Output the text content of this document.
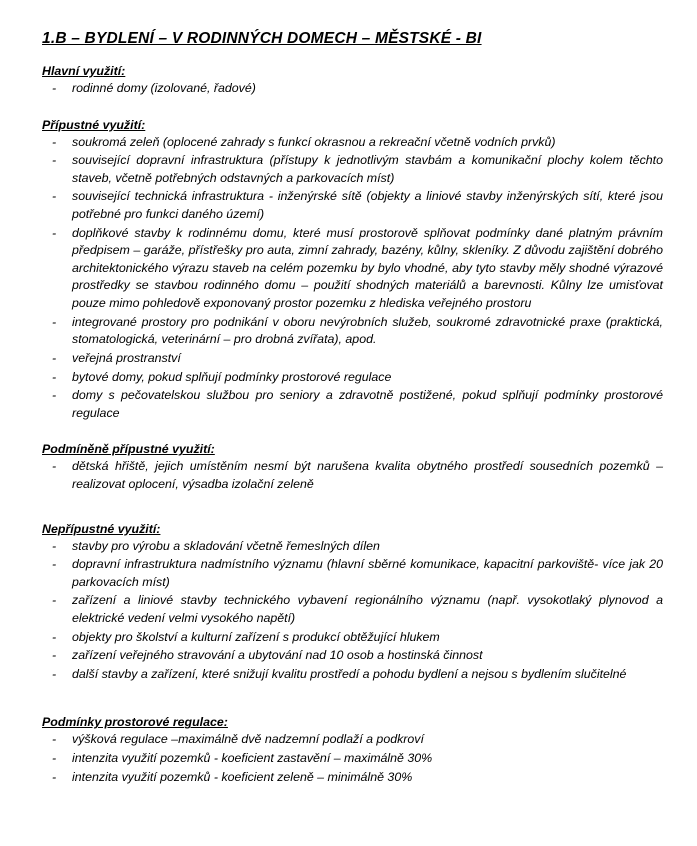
1.B – BYDLENÍ – V RODINNÝCH DOMECH – MĚSTSKÉ - BI
Hlavní využití:
- rodinné domy (izolované, řadové)
Přípustné využití:
- soukromá zeleň (oplocené zahrady s funkcí okrasnou a rekreační včetně vodních prvků)
- související dopravní infrastruktura (přístupy k jednotlivým stavbám a komunikační plochy kolem těchto staveb, včetně potřebných odstavných a parkovacích míst)
- související technická infrastruktura - inženýrské sítě (objekty a liniové stavby inženýrských sítí, které jsou potřebné pro funkci daného území)
- doplňkové stavby k rodinnému domu, které musí prostorově splňovat podmínky dané platným právním předpisem – garáže, přístřešky pro auta, zimní zahrady, bazény, kůlny, skleníky. Z důvodu zajištění dobrého architektonického výrazu staveb na celém pozemku by bylo vhodné, aby tyto stavby měly shodné výrazové prostředky se stavbou rodinného domu – použití shodných materiálů a barevnosti. Kůlny lze umisťovat pouze mimo pohledově exponovaný prostor pozemku z hlediska veřejného prostoru
- integrované prostory pro podnikání v oboru nevýrobních služeb, soukromé zdravotnické praxe (praktická, stomatologická, veterinární – pro drobná zvířata), apod.
- veřejná prostranství
- bytové domy, pokud splňují podmínky prostorové regulace
- domy s pečovatelskou službou pro seniory a zdravotně postižené, pokud splňují podmínky prostorové regulace
Podmíněně přípustné využití:
- dětská hřiště, jejich umístěním nesmí být narušena kvalita obytného prostředí sousedních pozemků – realizovat oplocení, výsadba izolační zeleně
Nepřípustné využití:
- stavby pro výrobu a skladování včetně řemeslných dílen
- dopravní infrastruktura nadmístního významu (hlavní sběrné komunikace, kapacitní parkoviště- více jak 20 parkovacích míst)
- zařízení a liniové stavby technického vybavení regionálního významu (např. vysokotlaký plynovod a elektrické vedení velmi vysokého napětí)
- objekty pro školství a kulturní zařízení s produkcí obtěžující hlukem
- zařízení veřejného stravování a ubytování nad 10 osob a hostinská činnost
- další stavby a zařízení, které snižují kvalitu prostředí a pohodu bydlení a nejsou s bydlením slučitelné
Podmínky prostorové regulace:
- výšková regulace –maximálně dvě nadzemní podlaží a podkroví
- intenzita využití pozemků - koeficient zastavění – maximálně 30%
- intenzita využití pozemků - koeficient zeleně – minimálně 30%
